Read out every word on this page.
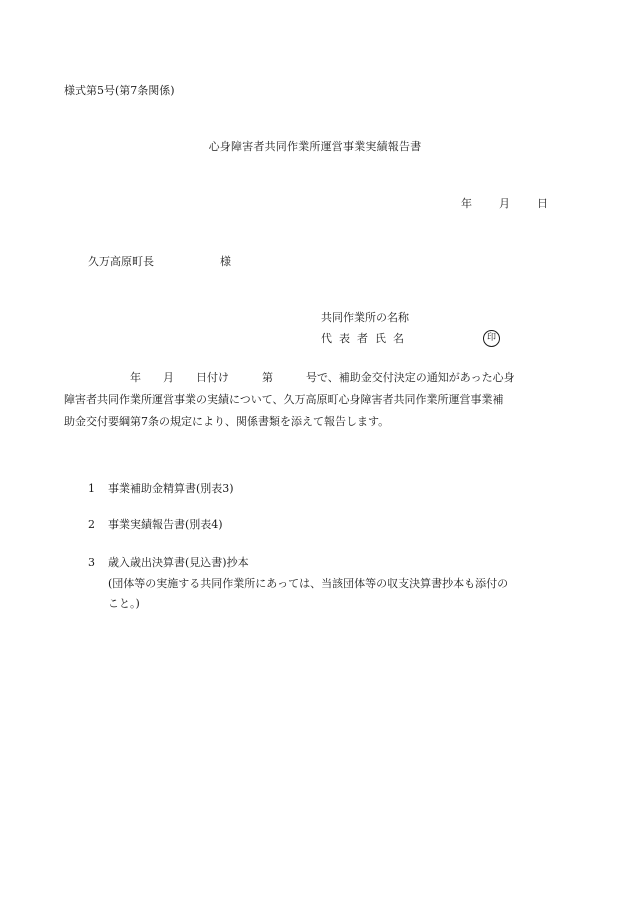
様式第5号(第7条関係)
心身障害者共同作業所運営事業実績報告書
年 月 日
久万高原町長	様
共同作業所の名称
代表者氏名	印
　　　　　　年　　月　　日付け　　　第　　　号で、補助金交付決定の通知があった心身
障害者共同作業所運営事業の実績について、久万高原町心身障害者共同作業所運営事業補
助金交付要綱第7条の規定により、関係書類を添えて報告します。
1 事業補助金精算書(別表3)
2 事業実績報告書(別表4)
3 歳入歳出決算書(見込書)抄本
(団体等の実施する共同作業所にあっては、当該団体等の収支決算書抄本も添付の
こと。)
